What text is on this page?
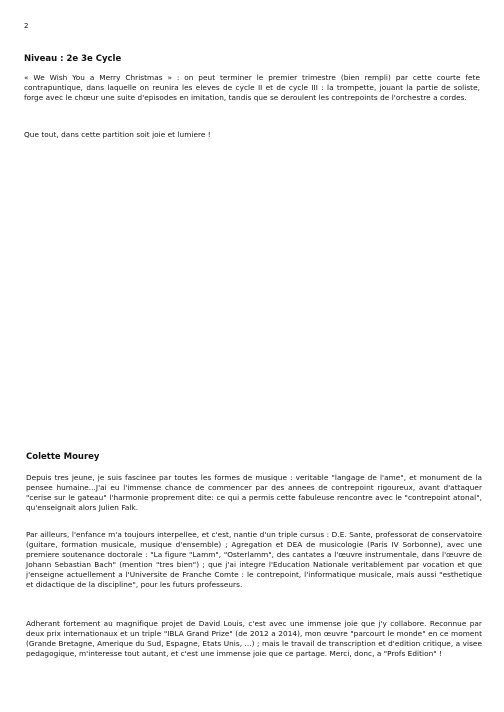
2
Niveau : 2e 3e Cycle

« We Wish You a Merry Christmas » : on peut terminer le premier trimestre (bien rempli) par cette courte fete contrapuntique, dans laquelle on reunira les eleves de cycle II et de cycle III : la trompette, jouant la partie de soliste, forge avec le chœur une suite d'episodes en imitation, tandis que se deroulent les contrepoints de l'orchestre a cordes.

Que tout, dans cette partition soit joie et lumiere !

Colette Mourey

Depuis tres jeune, je suis fascinee par toutes les formes de musique : veritable "langage de l'ame", et monument de la pensee humaine...J'ai eu l'immense chance de commencer par des annees de contrepoint rigoureux, avant d'attaquer "cerise sur le gateau" l'harmonie proprement dite: ce qui a permis cette fabuleuse rencontre avec le "contrepoint atonal", qu'enseignait alors Julien Falk.

Par ailleurs, l'enfance m'a toujours interpellee, et c'est, nantie d'un triple cursus : D.E. Sante, professorat de conservatoire (guitare, formation musicale, musique d'ensemble) ; Agregation et DEA de musicologie (Paris IV Sorbonne), avec une premiere soutenance doctorale : "La figure "Lamm", "Osterlamm", des cantates a l'œuvre instrumentale, dans l'œuvre de Johann Sebastian Bach" (mention "tres bien") ; que j'ai integre l'Education Nationale veritablement par vocation et que j'enseigne actuellement a l'Universite de Franche Comte : le contrepoint, l'informatique musicale, mais aussi "esthetique et didactique de la discipline", pour les futurs professeurs.

Adherant fortement au magnifique projet de David Louis, c'est avec une immense joie que j'y collabore. Reconnue par deux prix internationaux et un triple "IBLA Grand Prize" (de 2012 a 2014), mon œuvre "parcourt le monde" en ce moment (Grande Bretagne, Amerique du Sud, Espagne, Etats Unis, ...) ; mais le travail de transcription et d'edition critique, a visee pedagogique, m'interesse tout autant, et c'est une immense joie que ce partage. Merci, donc, a "Profs Edition" !
